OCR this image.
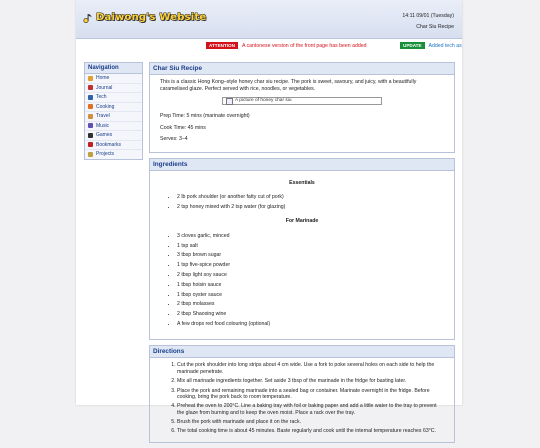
Daiwong's Website	14:11 09/01 (Tuesday)
Char Siu Recipe
ATTENTION	A cantonese version of the front page has been added	UPDATE	Added tech as
Navigation
Home
Journal
Tech
Cooking
Travel
Music
Games
Bookmarks
Projects
Char Siu Recipe

This is a classic Hong Kong–style honey char siu recipe. The pork is sweet, savoury, and juicy, with a beautifully caramelised glaze. Perfect served with rice, noodles, or vegetables.

A picture of honey char siu

Prep Time: 5 mins (marinate overnight)

Cook Time: 45 mins

Serves: 3–4

Ingredients
Essentials
• 2 lb pork shoulder (or another fatty cut of pork)
• 2 tsp honey mixed with 2 tsp water (for glazing)
For Marinade
• 3 cloves garlic, minced
• 1 tsp salt
• 3 tbsp brown sugar
• 1 tsp five-spice powder
• 2 tbsp light soy sauce
• 1 tbsp hoisin sauce
• 1 tbsp oyster sauce
• 2 tbsp molasses
• 2 tbsp Shaoxing wine
• A few drops red food colouring (optional)
Directions
1. Cut the pork shoulder into long strips about 4 cm wide. Use a fork to poke several holes on each side to help the marinade penetrate.
2. Mix all marinade ingredients together. Set aside 3 tbsp of the marinade in the fridge for basting later.
3. Place the pork and remaining marinade into a sealed bag or container. Marinate overnight in the fridge. Before cooking, bring the pork back to room temperature.
4. Preheat the oven to 200°C. Line a baking tray with foil or baking paper and add a little water to the tray to prevent the glaze from burning and to keep the oven moist. Place a rack over the tray.
5. Brush the pork with marinade and place it on the rack.
6. The total cooking time is about 45 minutes. Baste regularly and cook until the internal temperature reaches 63°C.
